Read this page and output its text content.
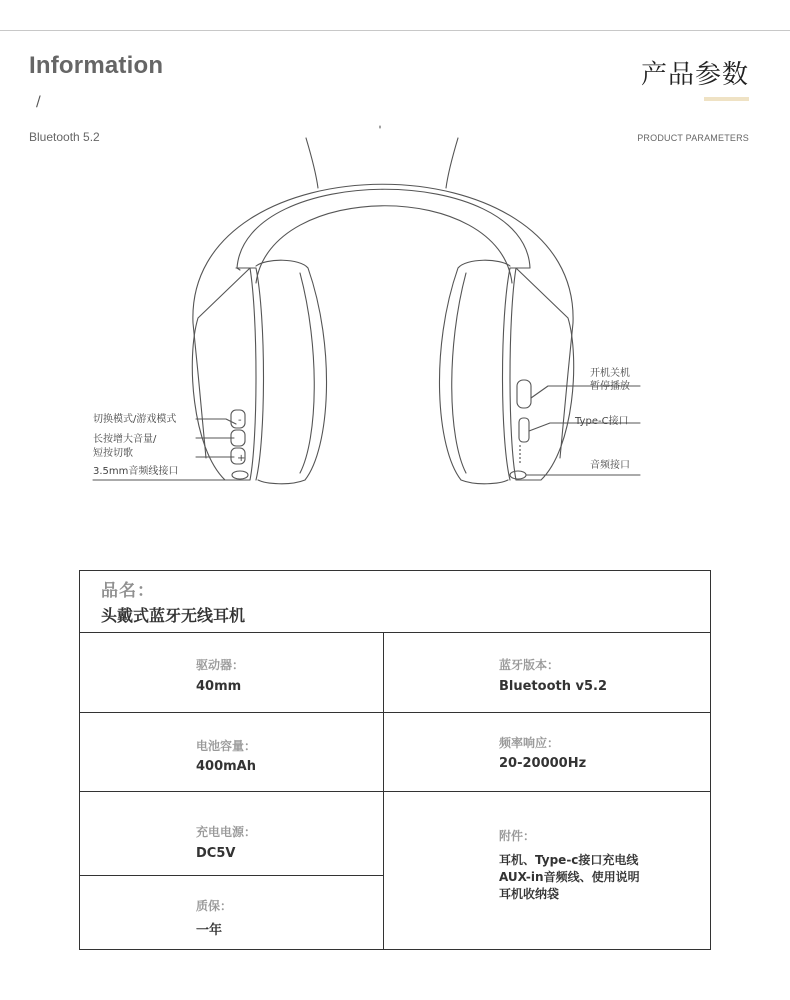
Information
/
Bluetooth 5.2
产品参数
PRODUCT PARAMETERS
-
+
切换模式/游戏模式
长按增大音量/
短按切歌
3.5mm音频线接口
开机关机
暂停播放
Type-C接口
音频接口
品名：
头戴式蓝牙无线耳机
驱动器：
40mm
蓝牙版本：
Bluetooth v5.2
电池容量：
400mAh
频率响应：
20-20000Hz
充电电源：
DC5V
附件：
耳机、Type-c接口充电线
AUX-in音频线、使用说明
耳机收纳袋
质保：
一年
